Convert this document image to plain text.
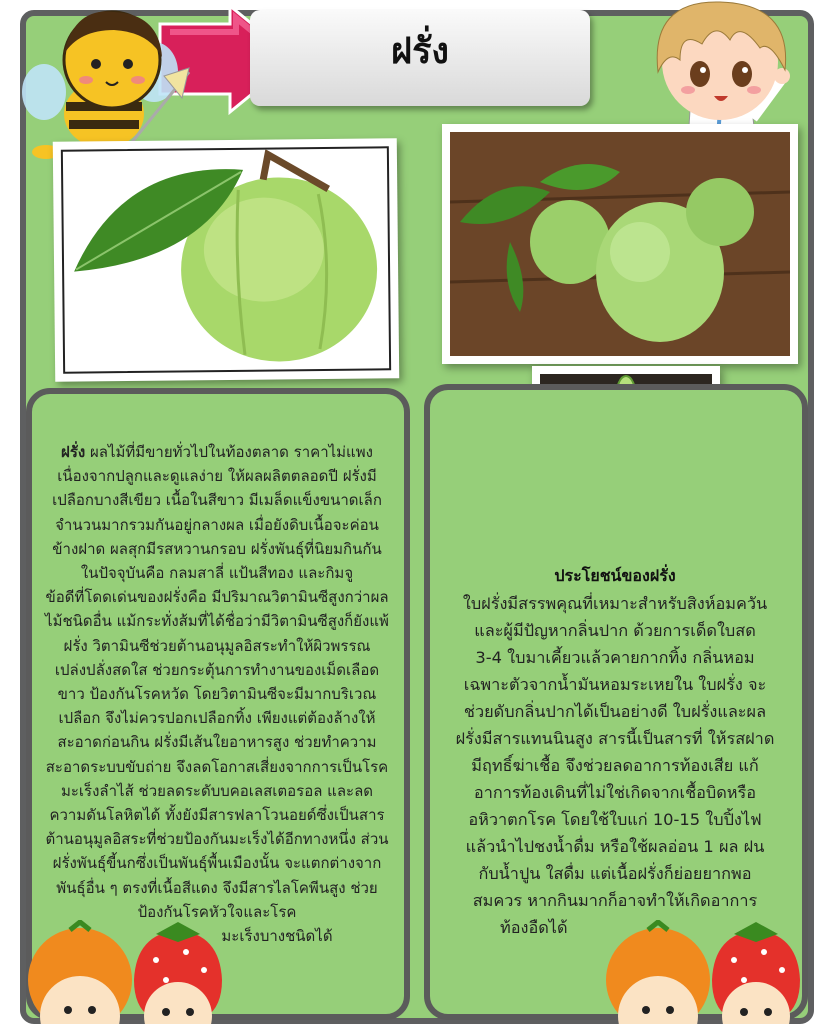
ฝรั่ง
ฝรั่ง ผลไม้ที่มีขายทั่วไปในท้องตลาด ราคาไม่แพง
เนื่องจากปลูกและดูแลง่าย ให้ผลผลิตตลอดปี ฝรั่งมี
เปลือกบางสีเขียว เนื้อในสีขาว มีเมล็ดแข็งขนาดเล็ก
จำนวนมากรวมกันอยู่กลางผล เมื่อยังดิบเนื้อจะค่อน
ข้างฝาด ผลสุกมีรสหวานกรอบ ฝรั่งพันธุ์ที่นิยมกินกัน
ในปัจจุบันคือ กลมสาลี่ แป้นสีทอง และกิมจู
ข้อดีที่โดดเด่นของฝรั่งคือ มีปริมาณวิตามินซีสูงกว่าผล
ไม้ชนิดอื่น แม้กระทั่งส้มที่ได้ชื่อว่ามีวิตามินซีสูงก็ยังแพ้
ฝรั่ง วิตามินซีช่วยต้านอนุมูลอิสระทำให้ผิวพรรณ
เปล่งปลั่งสดใส ช่วยกระตุ้นการทำงานของเม็ดเลือด
ขาว ป้องกันโรคหวัด โดยวิตามินซีจะมีมากบริเวณ
เปลือก จึงไม่ควรปอกเปลือกทิ้ง เพียงแต่ต้องล้างให้
สะอาดก่อนกิน ฝรั่งมีเส้นใยอาหารสูง ช่วยทำความ
สะอาดระบบขับถ่าย จึงลดโอกาสเสี่ยงจากการเป็นโรค
มะเร็งลำไส้ ช่วยลดระดับบคอเลสเตอรอล และลด
ความดันโลหิตได้ ทั้งยังมีสารฟลาโวนอยด์ซึ่งเป็นสาร
ต้านอนุมูลอิสระที่ช่วยป้องกันมะเร็งได้อีกทางหนึ่ง ส่วน
ฝรั่งพันธุ์ขี้นกซึ่งเป็นพันธุ์พื้นเมืองนั้น จะแตกต่างจาก
พันธุ์อื่น ๆ ตรงที่เนื้อสีแดง จึงมีสารไลโคพีนสูง ช่วย
ป้องกันโรคหัวใจและโรค
มะเร็งบางชนิดได้
ประโยชน์ของฝรั่ง
ใบฝรั่งมีสรรพคุณที่เหมาะสำหรับสิงห์อมควัน
และผู้มีปัญหากลิ่นปาก ด้วยการเด็ดใบสด
3-4 ใบมาเคี้ยวแล้วคายกากทิ้ง กลิ่นหอม
เฉพาะตัวจากน้ำมันหอมระเหยใน ใบฝรั่ง จะ
ช่วยดับกลิ่นปากได้เป็นอย่างดี ใบฝรั่งและผล
ฝรั่งมีสารแทนนินสูง สารนี้เป็นสารที่ ให้รสฝาด
มีฤทธิ์ฆ่าเชื้อ จึงช่วยลดอาการท้องเสีย แก้
อาการท้องเดินที่ไม่ใช่เกิดจากเชื้อบิดหรือ
อหิวาตกโรค โดยใช้ใบแก่ 10-15 ใบปิ้งไฟ
แล้วนำไปชงน้ำดื่ม หรือใช้ผลอ่อน 1 ผล ฝน
กับน้ำปูน ใสดื่ม แต่เนื้อฝรั่งก็ย่อยยากพอ
สมควร หากกินมากก็อาจทำให้เกิดอาการ
ท้องอืดได้
